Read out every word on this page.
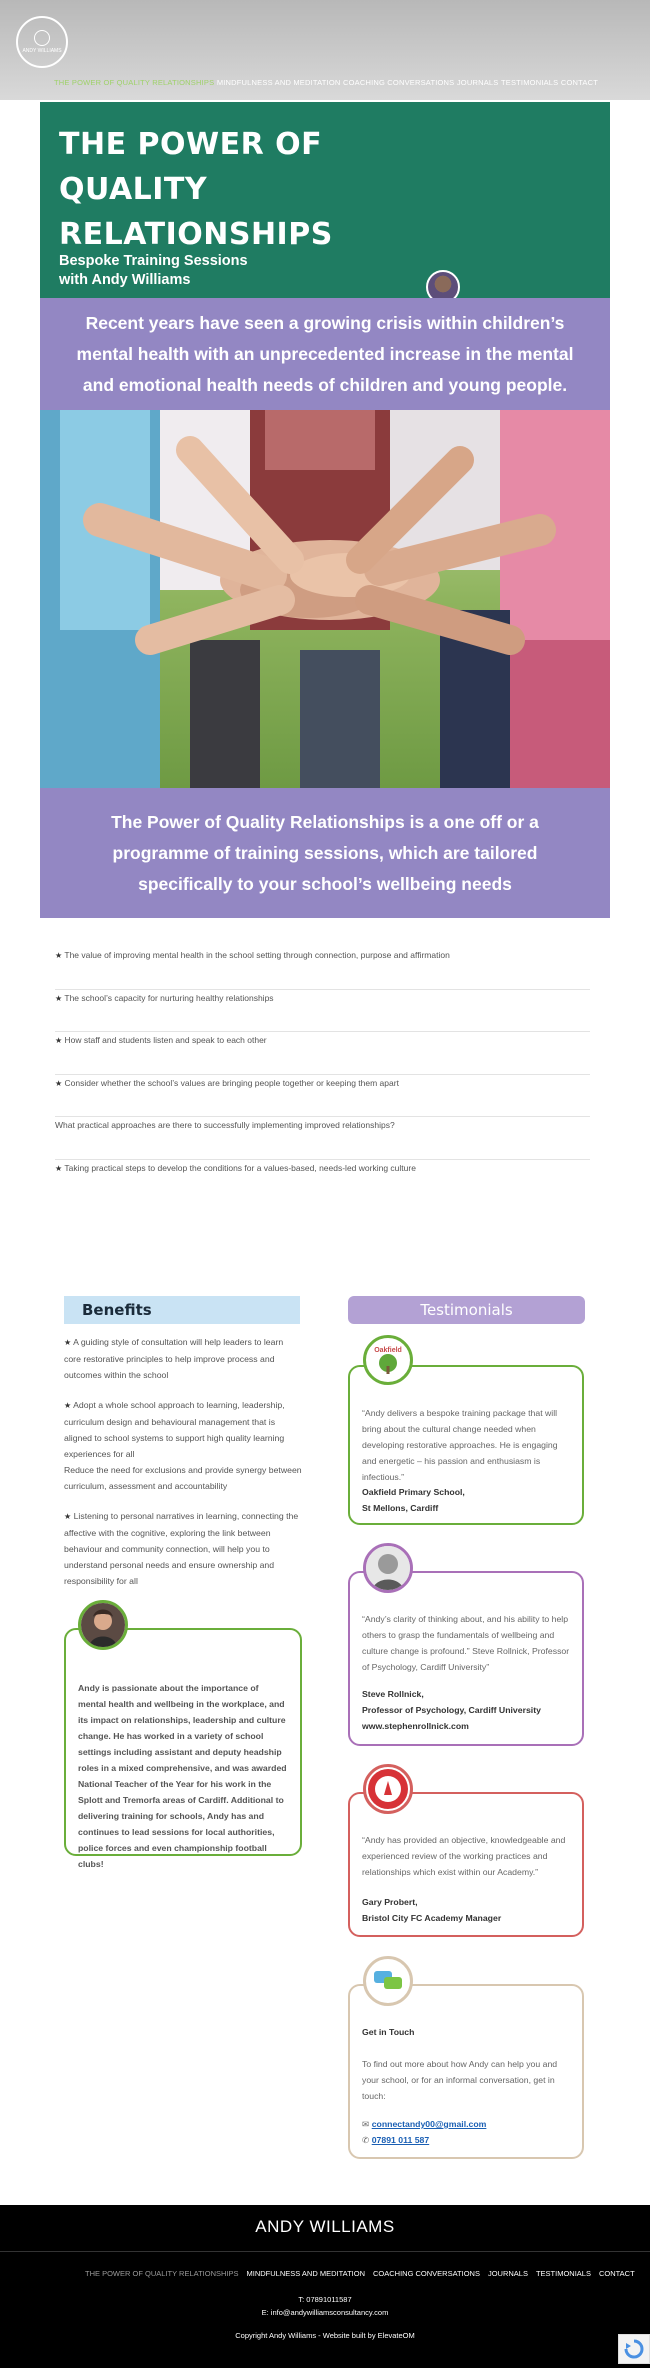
ANDY WILLIAMS
THE POWER OF QUALITY RELATIONSHIPS MINDFULNESS AND MEDITATION COACHING CONVERSATIONS JOURNALS TESTIMONIALS CONTACT
THE POWER OF
QUALITY
RELATIONSHIPS
Bespoke Training Sessions
with Andy Williams
Recent years have seen a growing crisis within children’s mental health with an unprecedented increase in the mental and emotional health needs of children and young people.
The Power of Quality Relationships is a one off or a programme of training sessions, which are tailored specifically to your school’s wellbeing needs
★ The value of improving mental health in the school setting through connection, purpose and affirmation
★ The school’s capacity for nurturing healthy relationships
★ How staff and students listen and speak to each other
★ Consider whether the school’s values are bringing people together or keeping them apart
What practical approaches are there to successfully implementing improved relationships?
★ Taking practical steps to develop the conditions for a values-based, needs-led working culture
Benefits	Testimonials

★ A guiding style of consultation will help leaders to learn core restorative principles to help improve process and outcomes within the school

★ Adopt a whole school approach to learning, leadership, curriculum design and behavioural management that is aligned to school systems to support high quality learning experiences for all
Reduce the need for exclusions and provide synergy between curriculum, assessment and accountability

★ Listening to personal narratives in learning, connecting the affective with the cognitive, exploring the link between behaviour and community connection, will help you to understand personal needs and ensure ownership and responsibility for all

Andy is passionate about the importance of mental health and wellbeing in the workplace, and its impact on relationships, leadership and culture change. He has worked in a variety of school settings including assistant and deputy headship roles in a mixed comprehensive, and was awarded National Teacher of the Year for his work in the Splott and Tremorfa areas of Cardiff. Additional to delivering training for schools, Andy has and continues to lead sessions for local authorities, police forces and even championship football clubs!
“Andy delivers a bespoke training package that will bring about the cultural change needed when developing restorative approaches. He is engaging and energetic – his passion and enthusiasm is infectious.”
Oakfield Primary School,
St Mellons, Cardiff
Oakfield
“Andy’s clarity of thinking about, and his ability to help others to grasp the fundamentals of wellbeing and culture change is profound.” Steve Rollnick, Professor of Psychology, Cardiff University”
Steve Rollnick,
Professor of Psychology, Cardiff University
www.stephenrollnick.com
“Andy has provided an objective, knowledgeable and experienced review of the working practices and relationships which exist within our Academy.”
Gary Probert,
Bristol City FC Academy Manager
Get in Touch
To find out more about how Andy can help you and your school, or for an informal conversation, get in touch:
✉ connectandy00@gmail.com
✆ 07891 011 587
ANDY WILLIAMS
THE POWER OF QUALITY RELATIONSHIPS MINDFULNESS AND MEDITATION COACHING CONVERSATIONS JOURNALS TESTIMONIALS CONTACT
T: 07891011587
E: info@andywilliamsconsultancy.com
Copyright Andy Williams - Website built by ElevateOM
